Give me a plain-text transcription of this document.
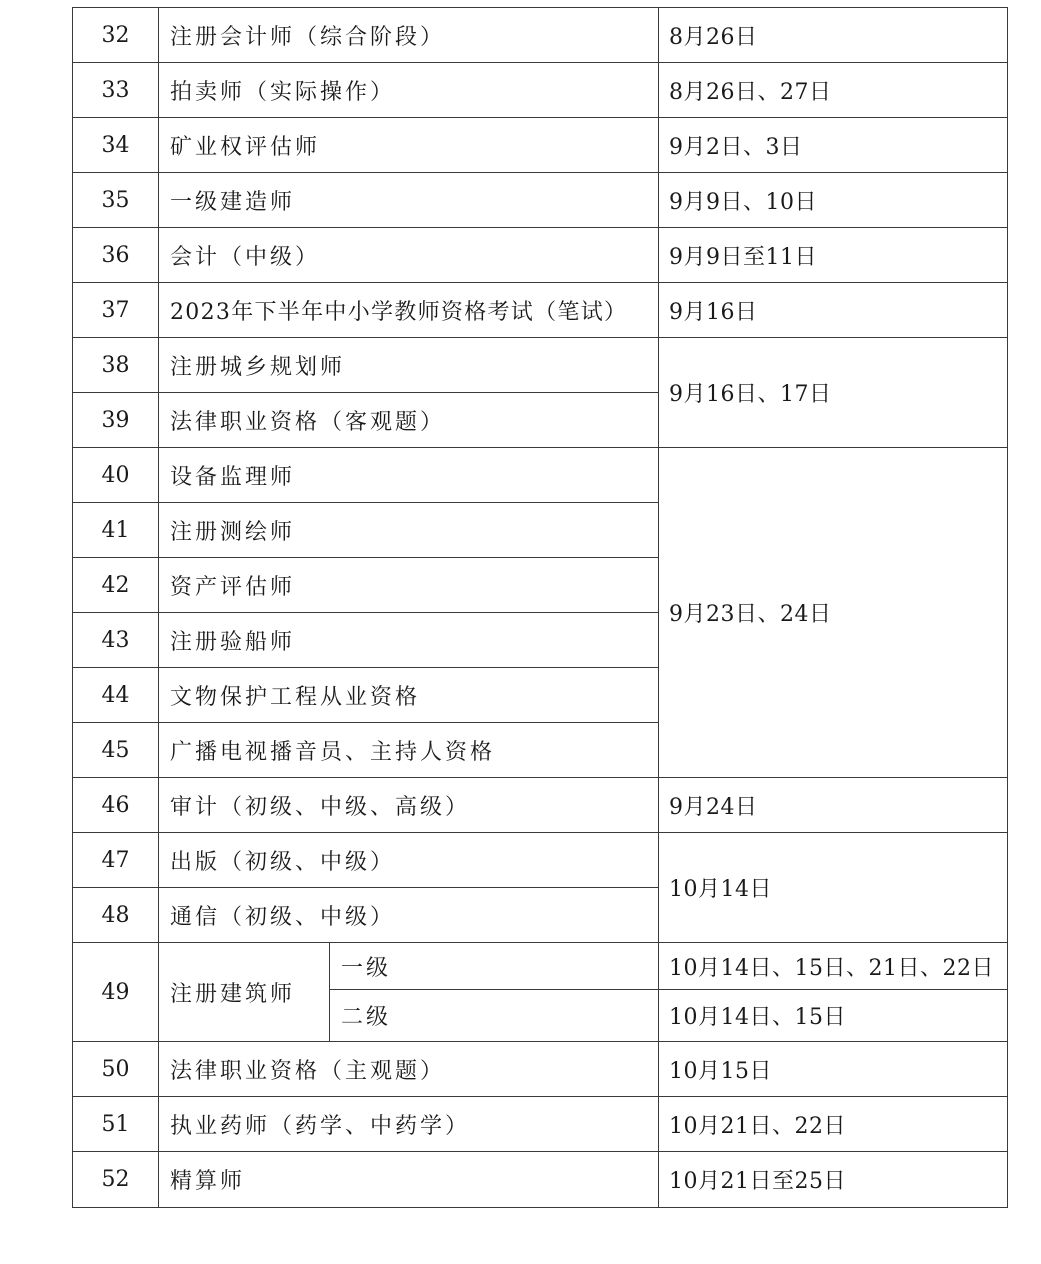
32	注册会计师（综合阶段）		8月26日
33	拍卖师（实际操作）		8月26日、27日
34	矿业权评估师		9月2日、3日
35	一级建造师		9月9日、10日
36	会计（中级）		9月9日至11日
37	2023年下半年中小学教师资格考试（笔试）		9月16日
38	注册城乡规划师		9月16日、17日
39	法律职业资格（客观题）		
40	设备监理师		9月23日、24日
41	注册测绘师		
42	资产评估师		
43	注册验船师		
44	文物保护工程从业资格		
45	广播电视播音员、主持人资格		
46	审计（初级、中级、高级）		9月24日
47	出版（初级、中级）		10月14日
48	通信（初级、中级）		
49	注册建筑师	一级	10月14日、15日、21日、22日
		二级	10月14日、15日
50	法律职业资格（主观题）		10月15日
51	执业药师（药学、中药学）		10月21日、22日
52	精算师		10月21日至25日
